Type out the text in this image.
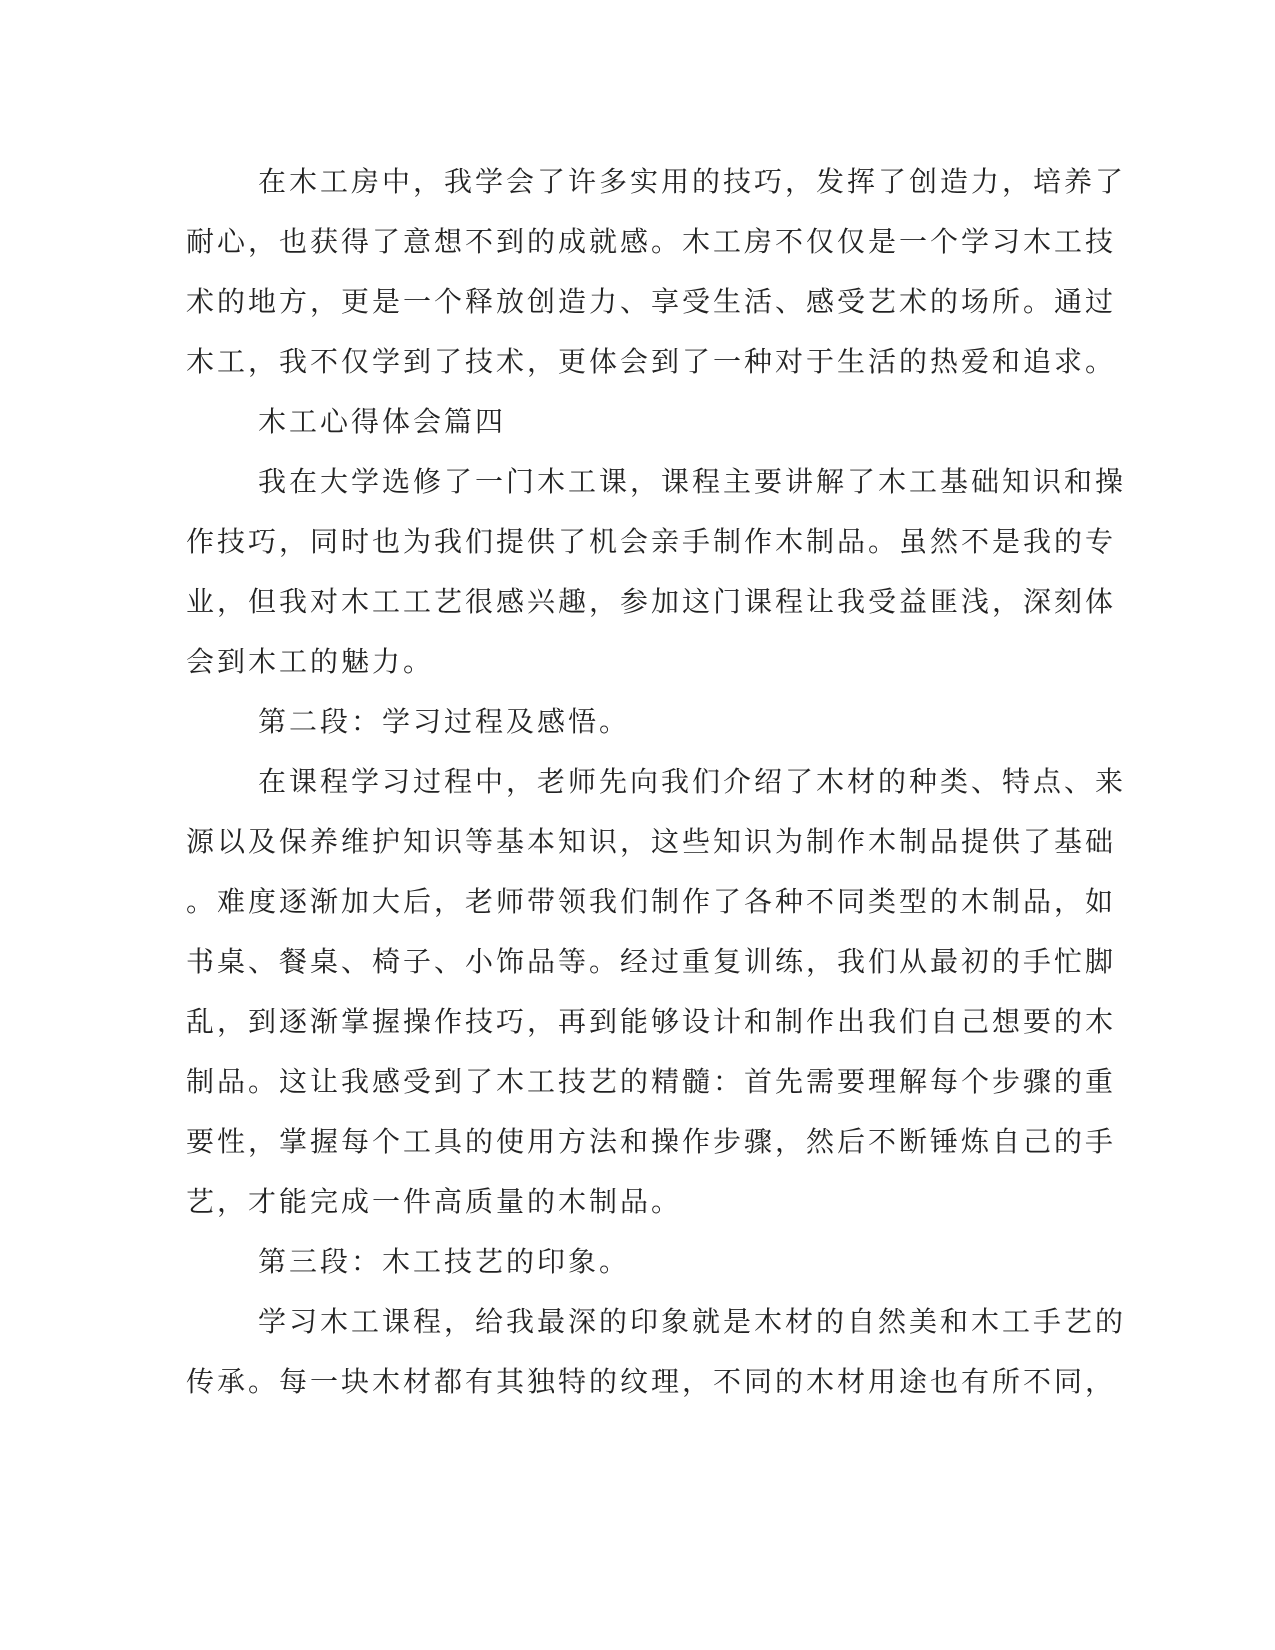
在木工房中，我学会了许多实用的技巧，发挥了创造力，培养了
耐心，也获得了意想不到的成就感。木工房不仅仅是一个学习木工技
术的地方，更是一个释放创造力、享受生活、感受艺术的场所。通过
木工，我不仅学到了技术，更体会到了一种对于生活的热爱和追求。
木工心得体会篇四
我在大学选修了一门木工课，课程主要讲解了木工基础知识和操
作技巧，同时也为我们提供了机会亲手制作木制品。虽然不是我的专
业，但我对木工工艺很感兴趣，参加这门课程让我受益匪浅，深刻体
会到木工的魅力。
第二段：学习过程及感悟。
在课程学习过程中，老师先向我们介绍了木材的种类、特点、来
源以及保养维护知识等基本知识，这些知识为制作木制品提供了基础
。难度逐渐加大后，老师带领我们制作了各种不同类型的木制品，如
书桌、餐桌、椅子、小饰品等。经过重复训练，我们从最初的手忙脚
乱，到逐渐掌握操作技巧，再到能够设计和制作出我们自己想要的木
制品。这让我感受到了木工技艺的精髓：首先需要理解每个步骤的重
要性，掌握每个工具的使用方法和操作步骤，然后不断锤炼自己的手
艺，才能完成一件高质量的木制品。
第三段：木工技艺的印象。
学习木工课程，给我最深的印象就是木材的自然美和木工手艺的
传承。每一块木材都有其独特的纹理，不同的木材用途也有所不同，
